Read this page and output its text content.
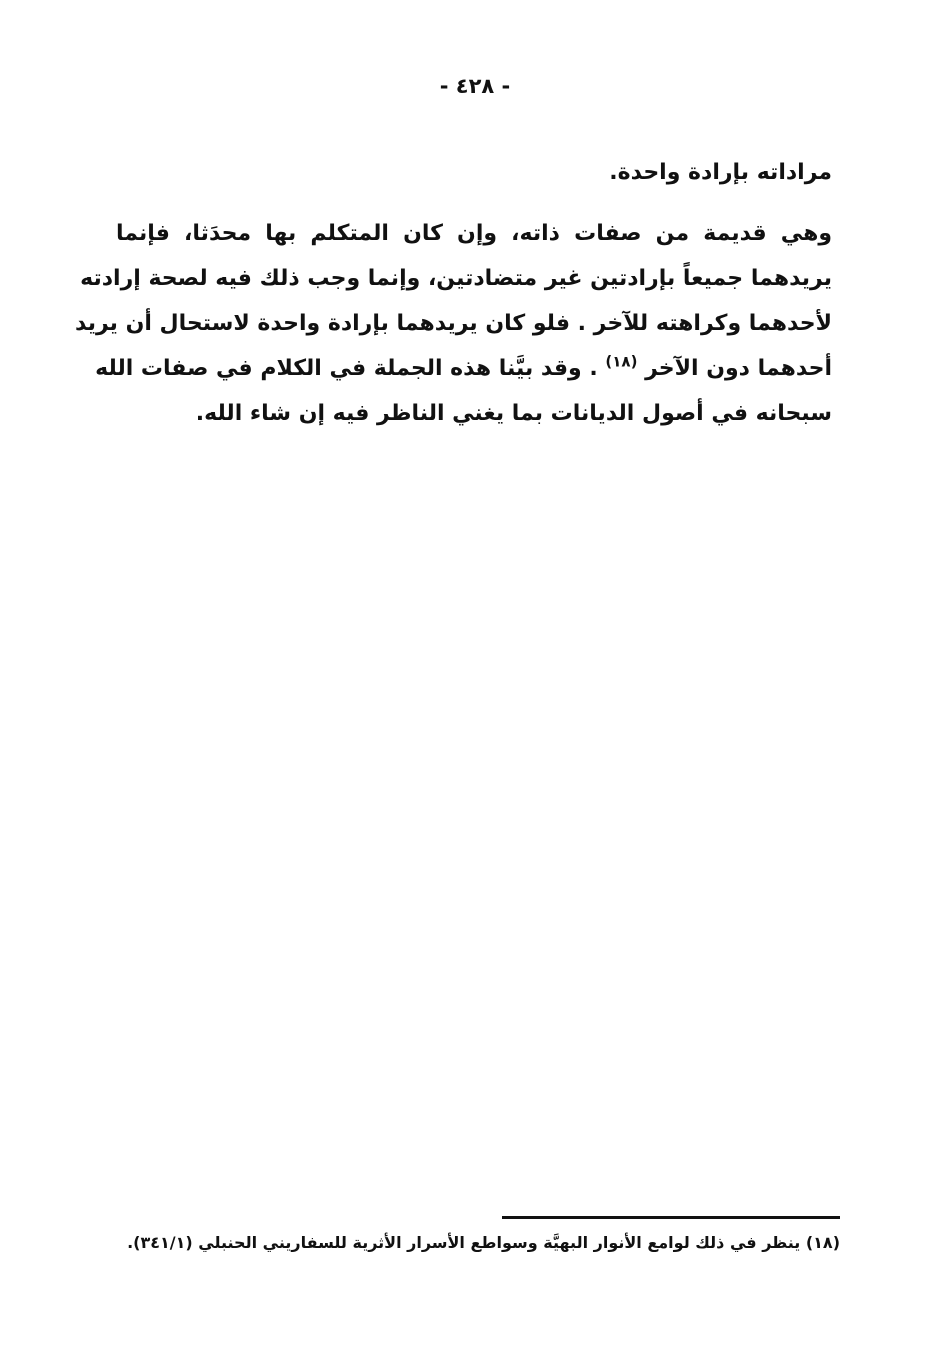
- ٤٢٨ -

مراداته بإرادة واحدة.

وهي قديمة من صفات ذاته، وإن كان المتكلم بها محدَثا، فإنما
يريدهما جميعاً بإرادتين غير متضادتين، وإنما وجب ذلك فيه لصحة إرادته
لأحدهما وكراهته للآخر . فلو كان يريدهما بإرادة واحدة لاستحال أن يريد
أحدهما دون الآخر $^{(١٨)}$ . وقد بيَّنا هذه الجملة في الكلام في صفات الله
سبحانه في أصول الديانات بما يغني الناظر فيه إن شاء الله.

(١٨) ينظر في ذلك لوامع الأنوار البهيَّة وسواطع الأسرار الأثرية للسفاريني الحنبلي (٣٤١/١).
